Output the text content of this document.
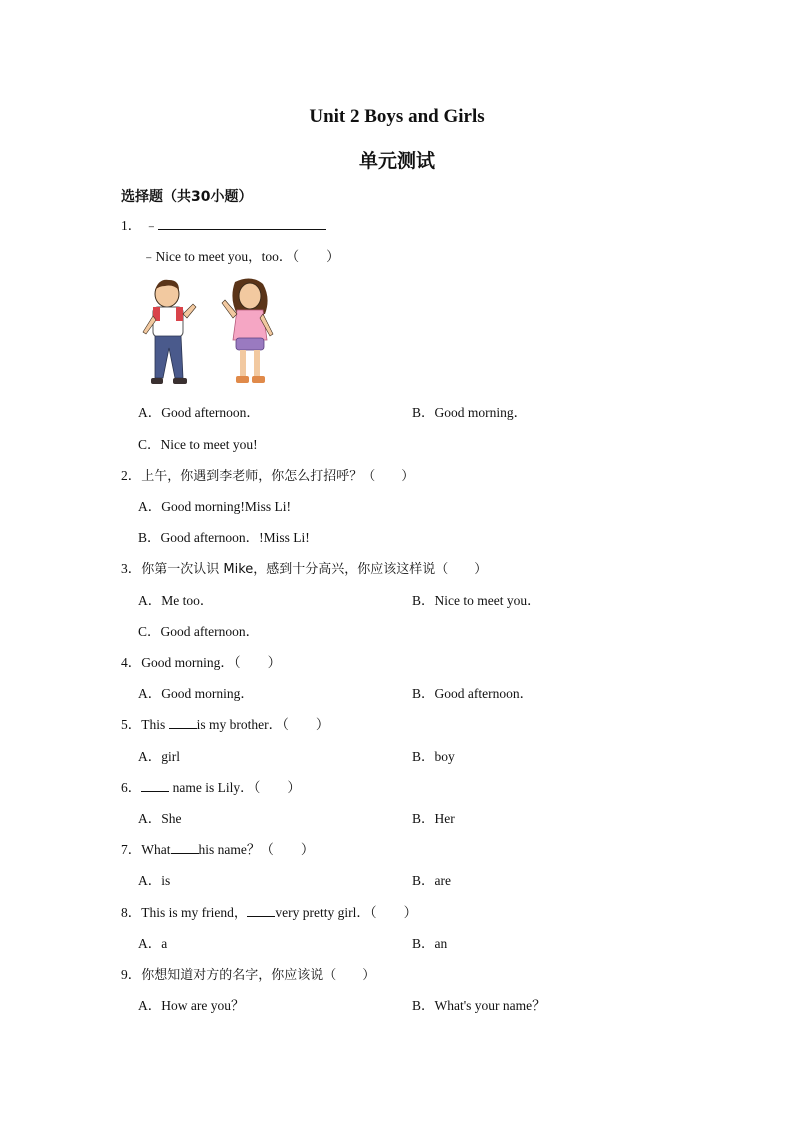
Unit 2 Boys and Girls
单元测试
选择题（共30小题）
1． ﹣
﹣Nice to meet you，too．（　　）
A．Good afternoon．	B．Good morning．
C．Nice to meet you!
2．上午，你遇到李老师，你怎么打招呼？（　　）
A．Good morning!Miss Li!
B．Good afternoon．!Miss Li!
3．你第一次认识 Mike，感到十分高兴，你应该这样说（　　）
A．Me too．	B．Nice to meet you．
C．Good afternoon．
4．Good morning．（　　）
A．Good morning．	B．Good afternoon．
5．This is my brother．（　　）
A．girl	B．boy
6． name is Lily．（　　）
A．She	B．Her
7．What his name？（　　）
A．is	B．are
8．This is my friend， very pretty girl．（　　）
A．a	B．an
9．你想知道对方的名字，你应该说（　　）
A．How are you？	B．What's your name？
